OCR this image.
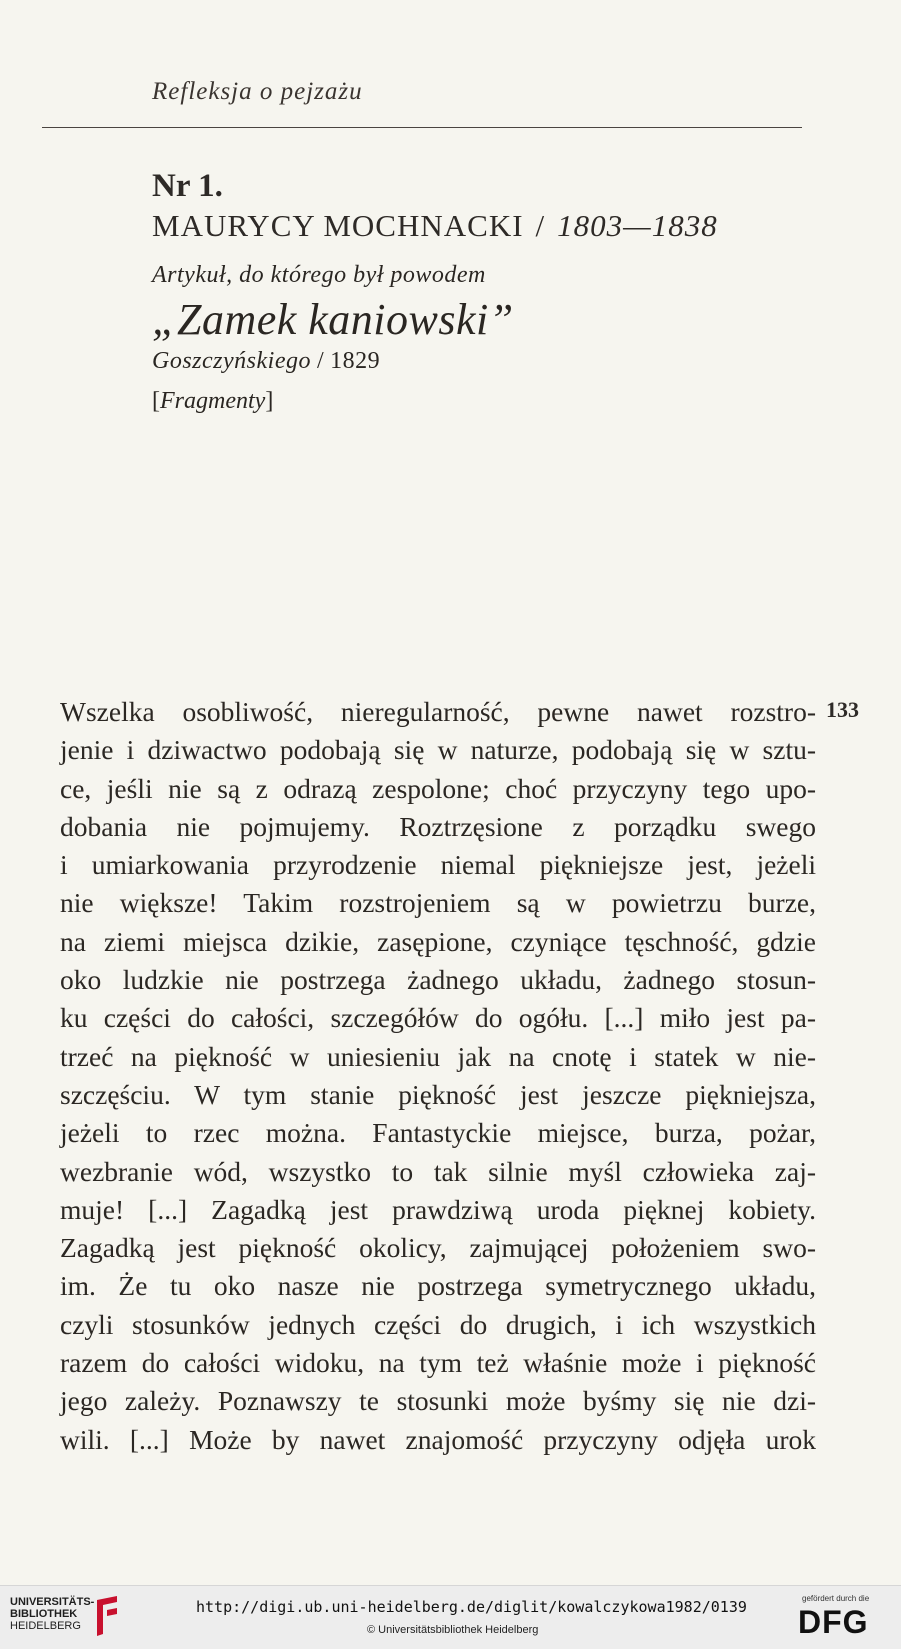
Refleksja o pejzażu
Nr 1.
MAURYCY MOCHNACKI / 1803—1838
Artykuł, do którego był powodem
„Zamek kaniowski”
Goszczyńskiego / 1829
[Fragmenty]
133
Wszelka osobliwość, nieregularność, pewne nawet rozstro-
jenie i dziwactwo podobają się w naturze, podobają się w sztu-
ce, jeśli nie są z odrazą zespolone; choć przyczyny tego upo-
dobania nie pojmujemy. Roztrzęsione z porządku swego
i umiarkowania przyrodzenie niemal piękniejsze jest, jeżeli
nie większe! Takim rozstrojeniem są w powietrzu burze,
na ziemi miejsca dzikie, zasępione, czyniące tęschność, gdzie
oko ludzkie nie postrzega żadnego układu, żadnego stosun-
ku części do całości, szczegółów do ogółu. [...] miło jest pa-
trzeć na piękność w uniesieniu jak na cnotę i statek w nie-
szczęściu. W tym stanie piękność jest jeszcze piękniejsza,
jeżeli to rzec można. Fantastyckie miejsce, burza, pożar,
wezbranie wód, wszystko to tak silnie myśl człowieka zaj-
muje! [...] Zagadką jest prawdziwą uroda pięknej kobiety.
Zagadką jest piękność okolicy, zajmującej położeniem swo-
im. Że tu oko nasze nie postrzega symetrycznego układu,
czyli stosunków jednych części do drugich, i ich wszystkich
razem do całości widoku, na tym też właśnie może i piękność
jego zależy. Poznawszy te stosunki może byśmy się nie dzi-
wili. [...] Może by nawet znajomość przyczyny odjęła urok
UNIVERSITÄTS-
BIBLIOTHEK
HEIDELBERG
http://digi.ub.uni-heidelberg.de/diglit/kowalczykowa1982/0139
© Universitätsbibliothek Heidelberg
gefördert durch die
DFG
